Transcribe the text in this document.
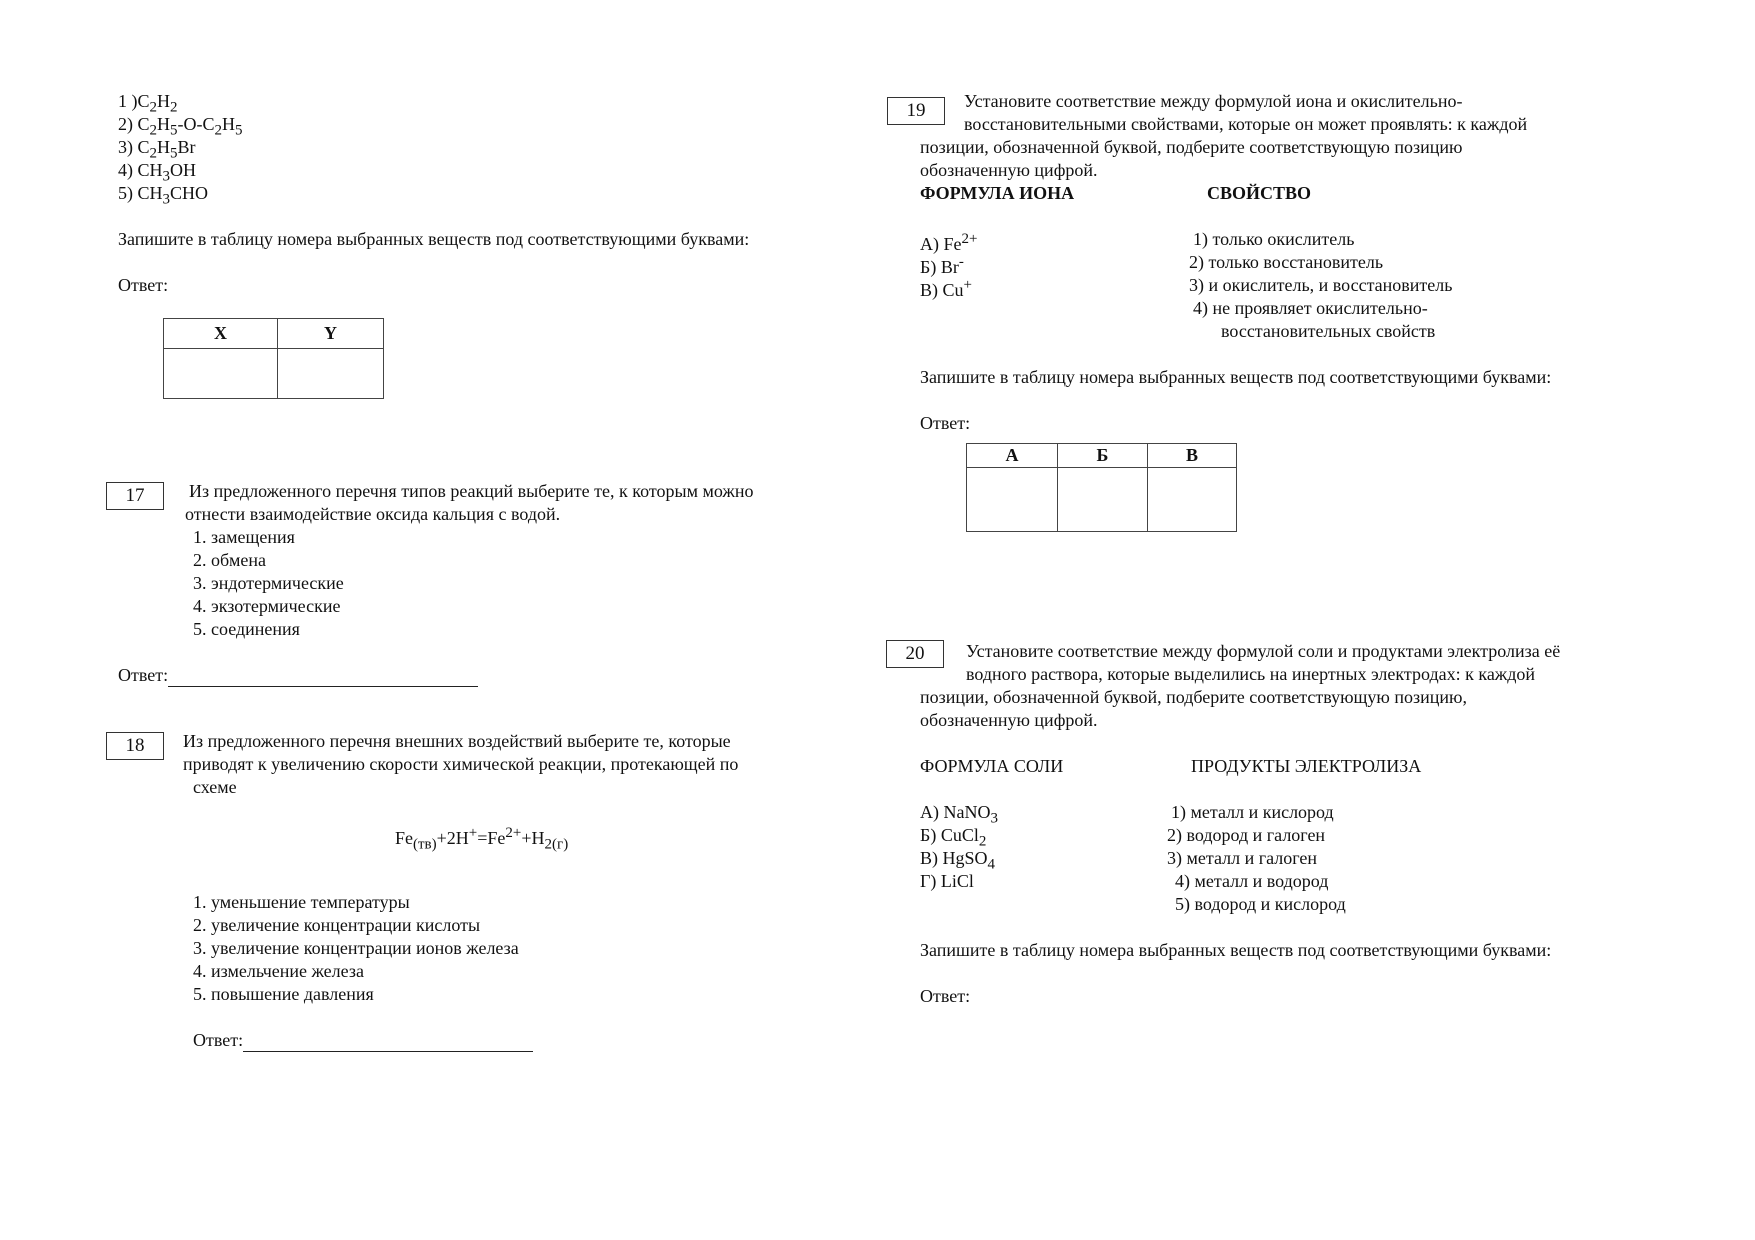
1 )$C_2H_2$
2) $C_2H_5-O-C_2H_5$
3) $C_2H_5Br$
4) $CH_3OH$
5) $CH_3CHO$
Запишите в таблицу номера выбранных веществ под соответствующими буквами:
Ответ:
X	Y

17	Из предложенного перечня типов реакций выберите те, к которым можно
отнести взаимодействие оксида кальция с водой.
1. замещения
2. обмена
3. эндотермические
4. экзотермические
5. соединения
Ответ:
18	Из предложенного перечня внешних воздействий выберите те, которые
приводят к увеличению скорости химической реакции, протекающей по
схеме
$Fe_{(тв)}+2H^+=Fe^{2+}+H_{2(г)}$
1. уменьшение температуры
2. увеличение концентрации кислоты
3. увеличение концентрации ионов железа
4. измельчение железа
5. повышение давления
Ответ:
19	Установите соответствие между формулой иона и окислительно-
восстановительными свойствами, которые он может проявлять: к каждой
позиции, обозначенной буквой, подберите соответствующую позицию
обозначенную цифрой.
ФОРМУЛА ИОНА	СВОЙСТВО
А) $Fe^{2+}$
Б) Br-
В) Cu+
1) только окислитель
2) только восстановитель
3) и окислитель, и восстановитель
4) не проявляет окислительно-
восстановительных свойств
Запишите в таблицу номера выбранных веществ под соответствующими буквами:
Ответ:
А	Б	В

20	Установите соответствие между формулой соли и продуктами электролиза её
водного раствора, которые выделились на инертных электродах: к каждой
позиции, обозначенной буквой, подберите соответствующую позицию,
обозначенную цифрой.
ФОРМУЛА СОЛИ	ПРОДУКТЫ ЭЛЕКТРОЛИЗА
А) NaNO$_3$
Б) CuCl$_2$
В) HgSO$_4$
Г) LiCl
1) металл и кислород
2) водород и галоген
3) металл и галоген
4) металл и водород
5) водород и кислород
Запишите в таблицу номера выбранных веществ под соответствующими буквами:
Ответ:
